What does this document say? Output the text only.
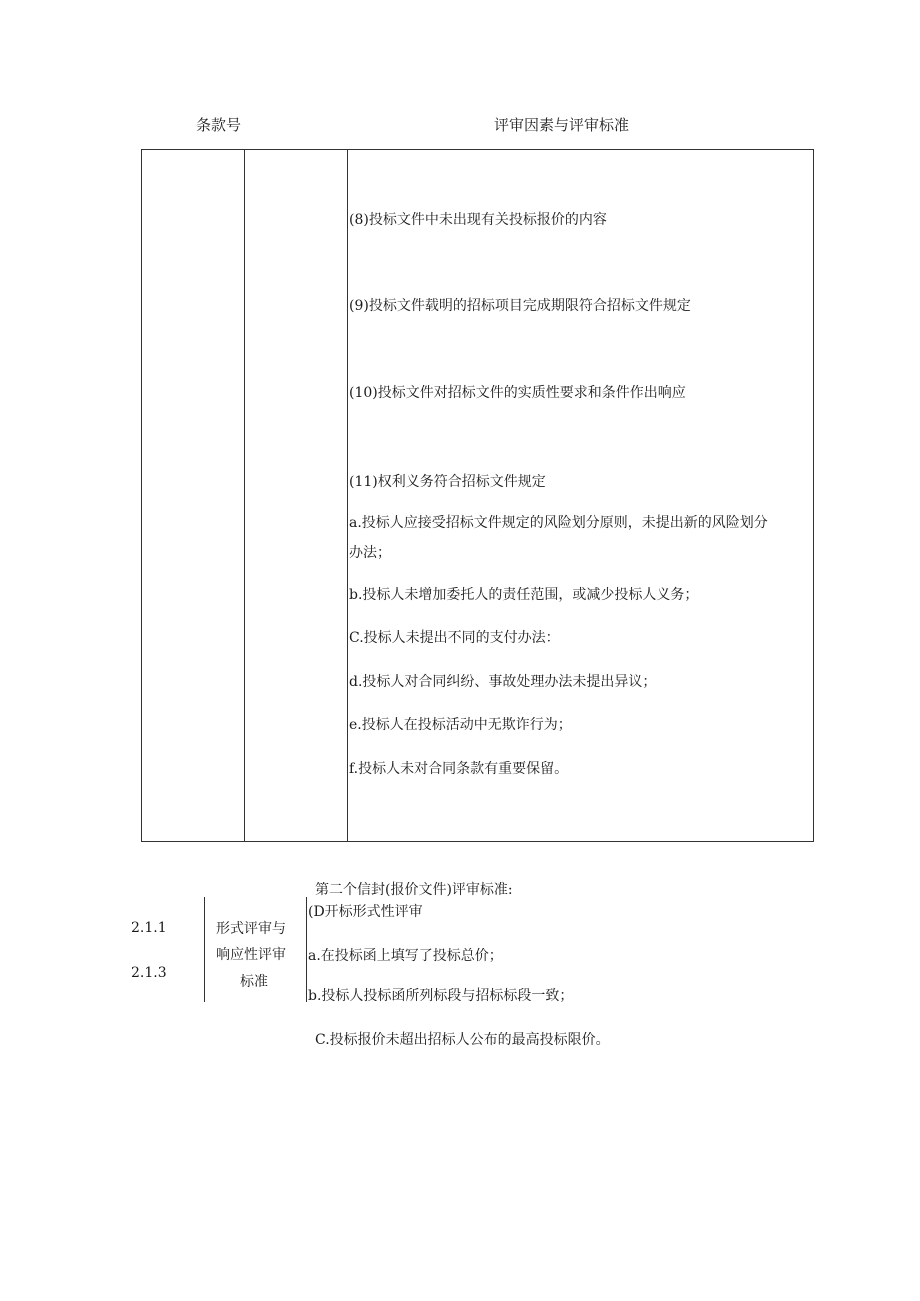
条款号	评审因素与评审标准
(8)投标文件中未出现有关投标报价的内容
(9)投标文件载明的招标项目完成期限符合招标文件规定
(10)投标文件对招标文件的实质性要求和条件作出响应
(11)权利义务符合招标文件规定
a.投标人应接受招标文件规定的风险划分原则，未提出新的风险划分
办法；
b.投标人未增加委托人的责任范围，或减少投标人义务；
C.投标人未提出不同的支付办法：
d.投标人对合同纠纷、事故处理办法未提出异议；
e.投标人在投标活动中无欺诈行为；
f.投标人未对合同条款有重要保留。
第二个信封(报价文件)评审标准:
2.1.1
2.1.3
形式评审与
响应性评审
标准
(D开标形式性评审
a.在投标函上填写了投标总价；
b.投标人投标函所列标段与招标标段一致；
C.投标报价未超出招标人公布的最高投标限价。
